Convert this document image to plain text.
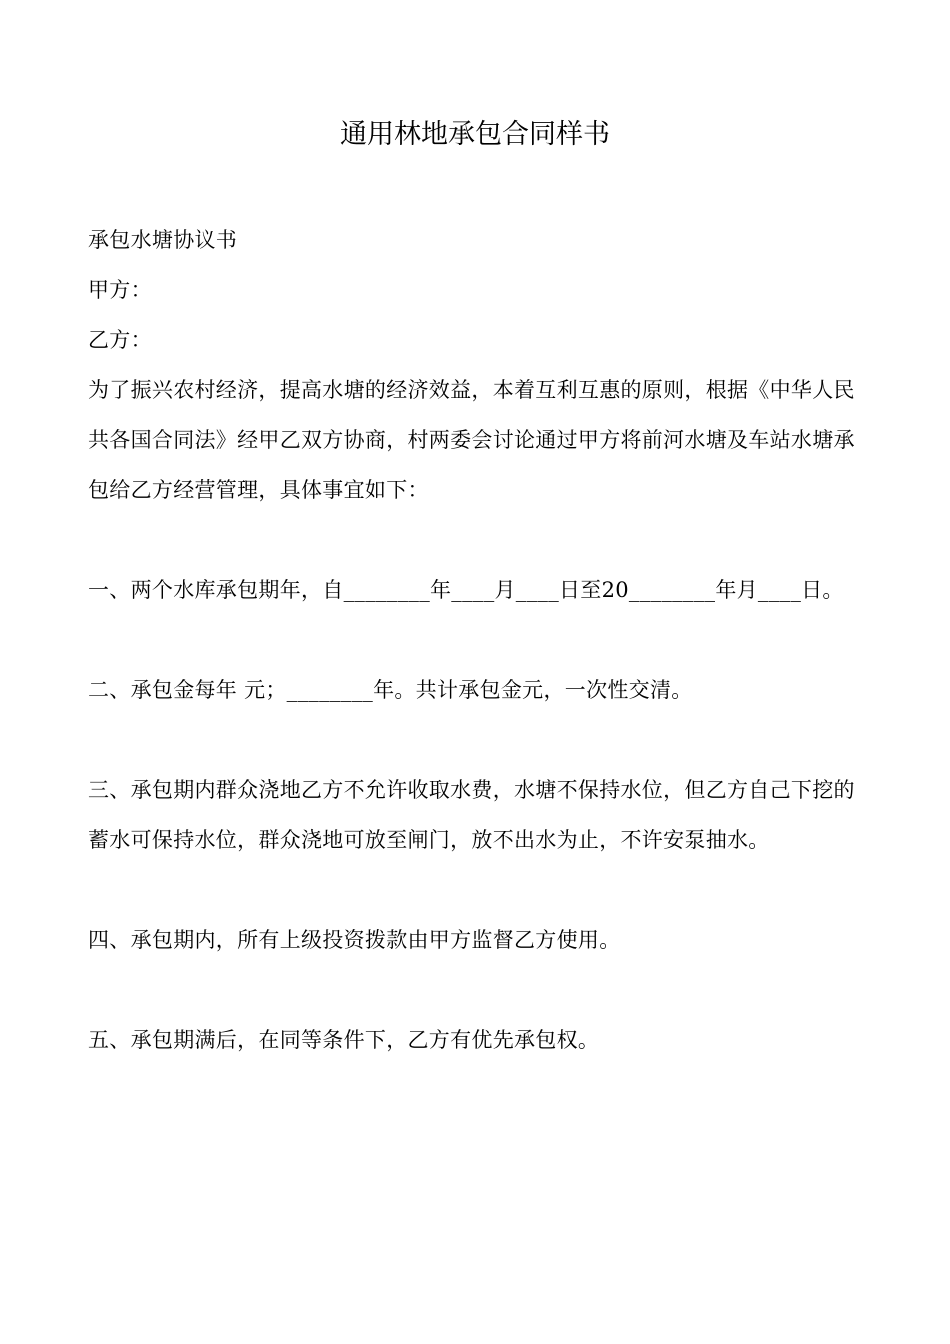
通用林地承包合同样书

承包水塘协议书

甲方：

乙方：

为了振兴农村经济，提高水塘的经济效益，本着互利互惠的原则，根据《中华人民共各国合同法》经甲乙双方协商，村两委会讨论通过甲方将前河水塘及车站水塘承包给乙方经营管理，具体事宜如下：

一、两个水库承包期年，自________年____月____日至20________年月____日。

二、承包金每年 元；________年。共计承包金元，一次性交清。

三、承包期内群众浇地乙方不允许收取水费，水塘不保持水位，但乙方自己下挖的蓄水可保持水位，群众浇地可放至闸门，放不出水为止，不许安泵抽水。

四、承包期内，所有上级投资拨款由甲方监督乙方使用。

五、承包期满后，在同等条件下，乙方有优先承包权。
